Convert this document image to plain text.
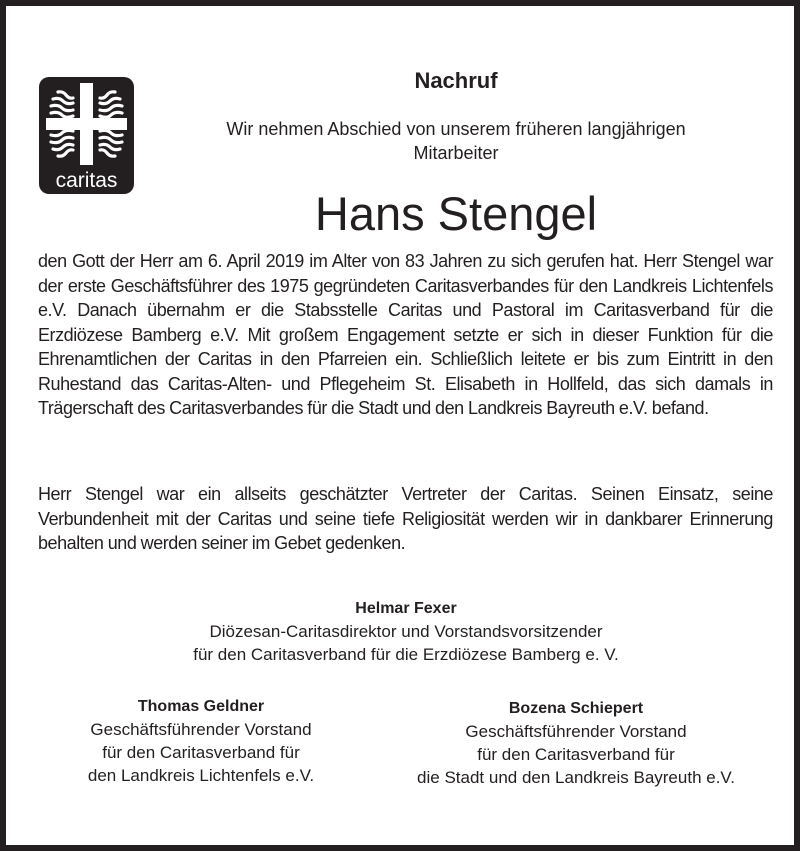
caritas
Nachruf
Wir nehmen Abschied von unserem früheren langjährigen
Mitarbeiter
Hans Stengel
den Gott der Herr am 6. April 2019 im Alter von 83 Jahren zu sich gerufen hat. Herr Stengel war der erste Geschäftsführer des 1975 gegründeten Caritasverbandes für den Landkreis Lichtenfels e.V. Danach übernahm er die Stabsstelle Caritas und Pastoral im Caritasverband für die Erzdiözese Bamberg e.V. Mit großem Engagement setzte er sich in dieser Funktion für die Ehrenamtlichen der Caritas in den Pfarreien ein. Schließlich leitete er bis zum Eintritt in den Ruhestand das Caritas-Alten- und Pflegeheim St. Elisabeth in Hollfeld, das sich damals in Trägerschaft des Caritasverbandes für die Stadt und den Landkreis Bayreuth e.V. befand.
Herr Stengel war ein allseits geschätzter Vertreter der Caritas. Seinen Einsatz, seine Verbundenheit mit der Caritas und seine tiefe Religiosität werden wir in dankbarer Erinnerung behalten und werden seiner im Gebet gedenken.
Helmar Fexer
Diözesan-Caritasdirektor und Vorstandsvorsitzender
für den Caritasverband für die Erzdiözese Bamberg e. V.
Thomas Geldner
Geschäftsführender Vorstand
für den Caritasverband für
den Landkreis Lichtenfels e.V.
Bozena Schiepert
Geschäftsführender Vorstand
für den Caritasverband für
die Stadt und den Landkreis Bayreuth e.V.
